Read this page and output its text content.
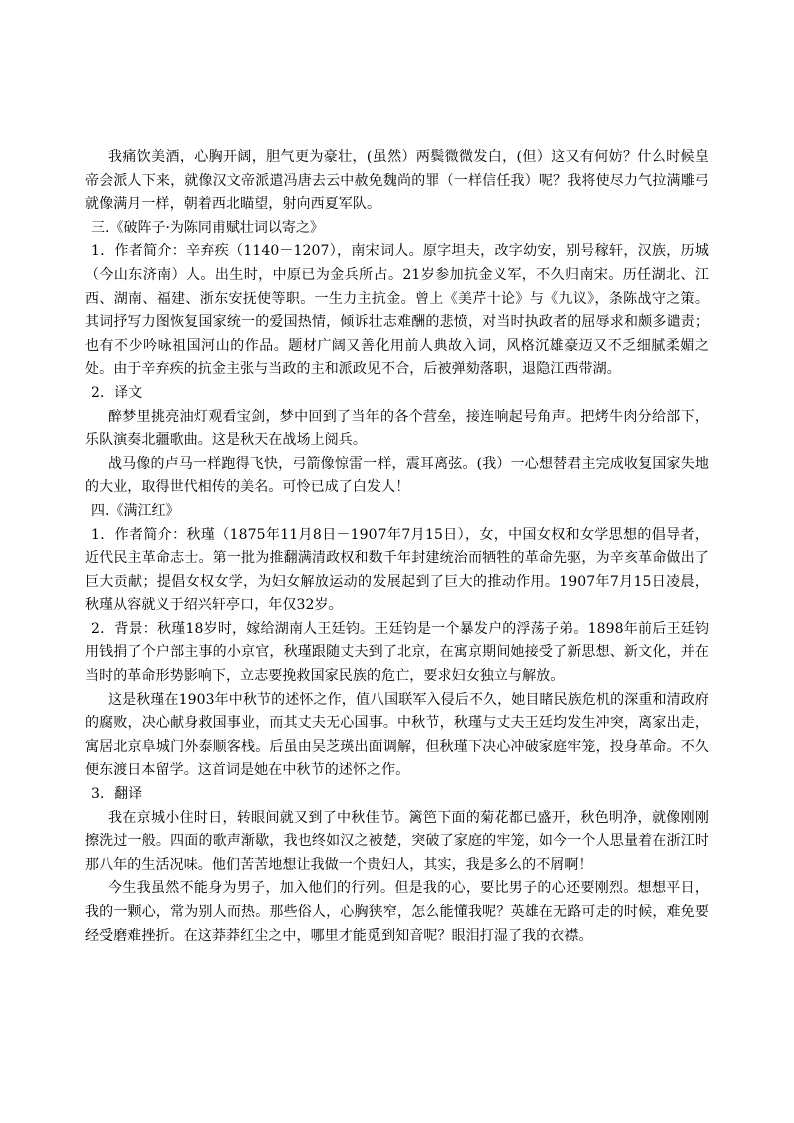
我痛饮美酒，心胸开阔，胆气更为豪壮，(虽然）两鬓微微发白，(但）这又有何妨？什么时候皇帝会派人下来，就像汉文帝派遣冯唐去云中赦免魏尚的罪（一样信任我）呢？我将使尽力气拉满雕弓就像满月一样，朝着西北瞄望，射向西夏军队。

三.《破阵子·为陈同甫赋壮词以寄之》

1．作者简介：辛弃疾（1140－1207），南宋词人。原字坦夫，改字幼安，别号稼轩，汉族，历城（今山东济南）人。出生时，中原已为金兵所占。21岁参加抗金义军，不久归南宋。历任湖北、江西、湖南、福建、浙东安抚使等职。一生力主抗金。曾上《美芹十论》与《九议》，条陈战守之策。其词抒写力图恢复国家统一的爱国热情，倾诉壮志难酬的悲愤，对当时执政者的屈辱求和颇多谴责；也有不少吟咏祖国河山的作品。题材广阔又善化用前人典故入词，风格沉雄豪迈又不乏细腻柔媚之处。由于辛弃疾的抗金主张与当政的主和派政见不合，后被弹劾落职，退隐江西带湖。

2．译文

醉梦里挑亮油灯观看宝剑，梦中回到了当年的各个营垒，接连响起号角声。把烤牛肉分给部下，乐队演奏北疆歌曲。这是秋天在战场上阅兵。

战马像的卢马一样跑得飞快，弓箭像惊雷一样，震耳离弦。(我）一心想替君主完成收复国家失地的大业，取得世代相传的美名。可怜已成了白发人！

四.《满江红》

1．作者简介：秋瑾（1875年11月8日－1907年7月15日），女，中国女权和女学思想的倡导者，近代民主革命志士。第一批为推翻满清政权和数千年封建统治而牺牲的革命先驱，为辛亥革命做出了巨大贡献；提倡女权女学，为妇女解放运动的发展起到了巨大的推动作用。1907年7月15日凌晨，秋瑾从容就义于绍兴轩亭口，年仅32岁。

2．背景：秋瑾18岁时，嫁给湖南人王廷钧。王廷钧是一个暴发户的浮荡子弟。1898年前后王廷钧用钱捐了个户部主事的小京官，秋瑾跟随丈夫到了北京，在寓京期间她接受了新思想、新文化，并在当时的革命形势影响下，立志要挽救国家民族的危亡，要求妇女独立与解放。

这是秋瑾在1903年中秋节的述怀之作，值八国联军入侵后不久，她目睹民族危机的深重和清政府的腐败，决心献身救国事业，而其丈夫无心国事。中秋节，秋瑾与丈夫王廷均发生冲突，离家出走，寓居北京阜城门外泰顺客栈。后虽由吴芝瑛出面调解，但秋瑾下决心冲破家庭牢笼，投身革命。不久便东渡日本留学。这首词是她在中秋节的述怀之作。

3．翻译

我在京城小住时日，转眼间就又到了中秋佳节。篱笆下面的菊花都已盛开，秋色明净，就像刚刚擦洗过一般。四面的歌声渐歇，我也终如汉之被楚，突破了家庭的牢笼，如今一个人思量着在浙江时那八年的生活况味。他们苦苦地想让我做一个贵妇人，其实，我是多么的不屑啊！

今生我虽然不能身为男子，加入他们的行列。但是我的心，要比男子的心还要刚烈。想想平日，我的一颗心，常为别人而热。那些俗人，心胸狭窄，怎么能懂我呢？英雄在无路可走的时候，难免要经受磨难挫折。在这莽莽红尘之中，哪里才能觅到知音呢？眼泪打湿了我的衣襟。
